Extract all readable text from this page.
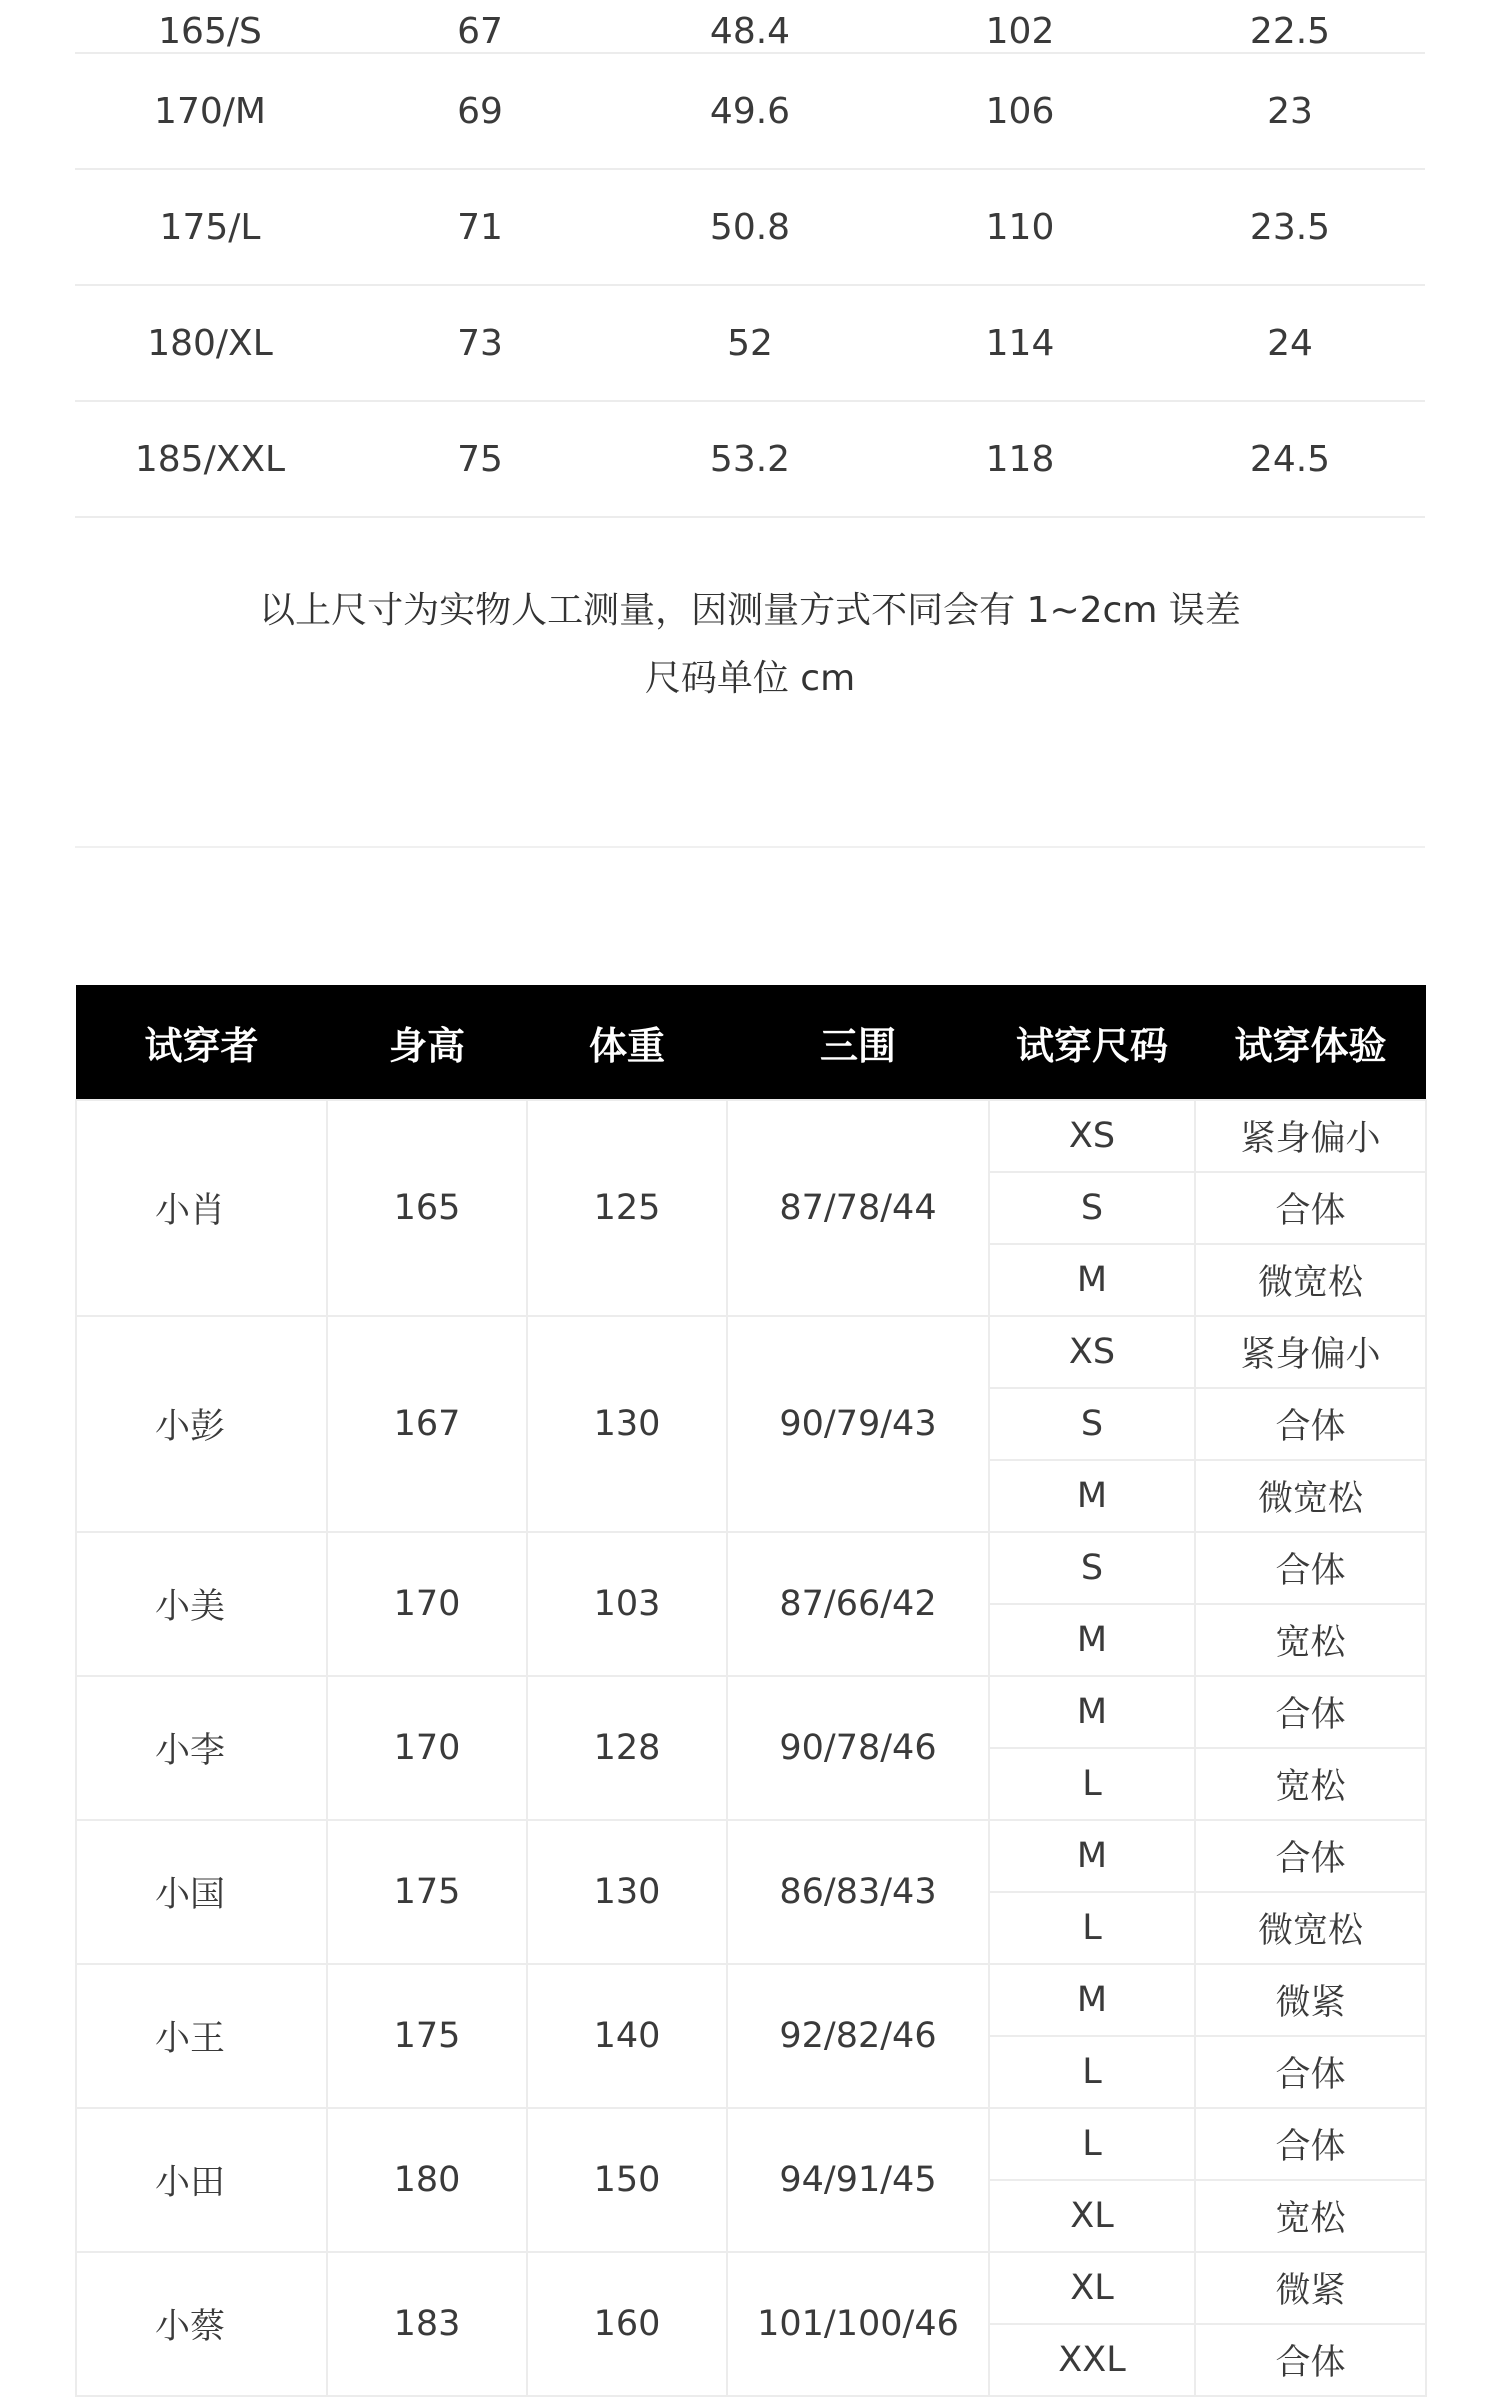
165/S	67	48.4	102	22.5
170/M	69	49.6	106	23
175/L	71	50.8	110	23.5
180/XL	73	52	114	24
185/XXL	75	53.2	118	24.5
以上尺寸为实物人工测量，因测量方式不同会有 1~2cm 误差
尺码单位 cm
试穿者	身高	体重	三围	试穿尺码	试穿体验
小肖	165	125	87/78/44	XS	紧身偏小
				S	合体
				M	微宽松
小彭	167	130	90/79/43	XS	紧身偏小
				S	合体
				M	微宽松
小美	170	103	87/66/42	S	合体
				M	宽松
小李	170	128	90/78/46	M	合体
				L	宽松
小国	175	130	86/83/43	M	合体
				L	微宽松
小王	175	140	92/82/46	M	微紧
				L	合体
小田	180	150	94/91/45	L	合体
				XL	宽松
小蔡	183	160	101/100/46	XL	微紧
				XXL	合体
